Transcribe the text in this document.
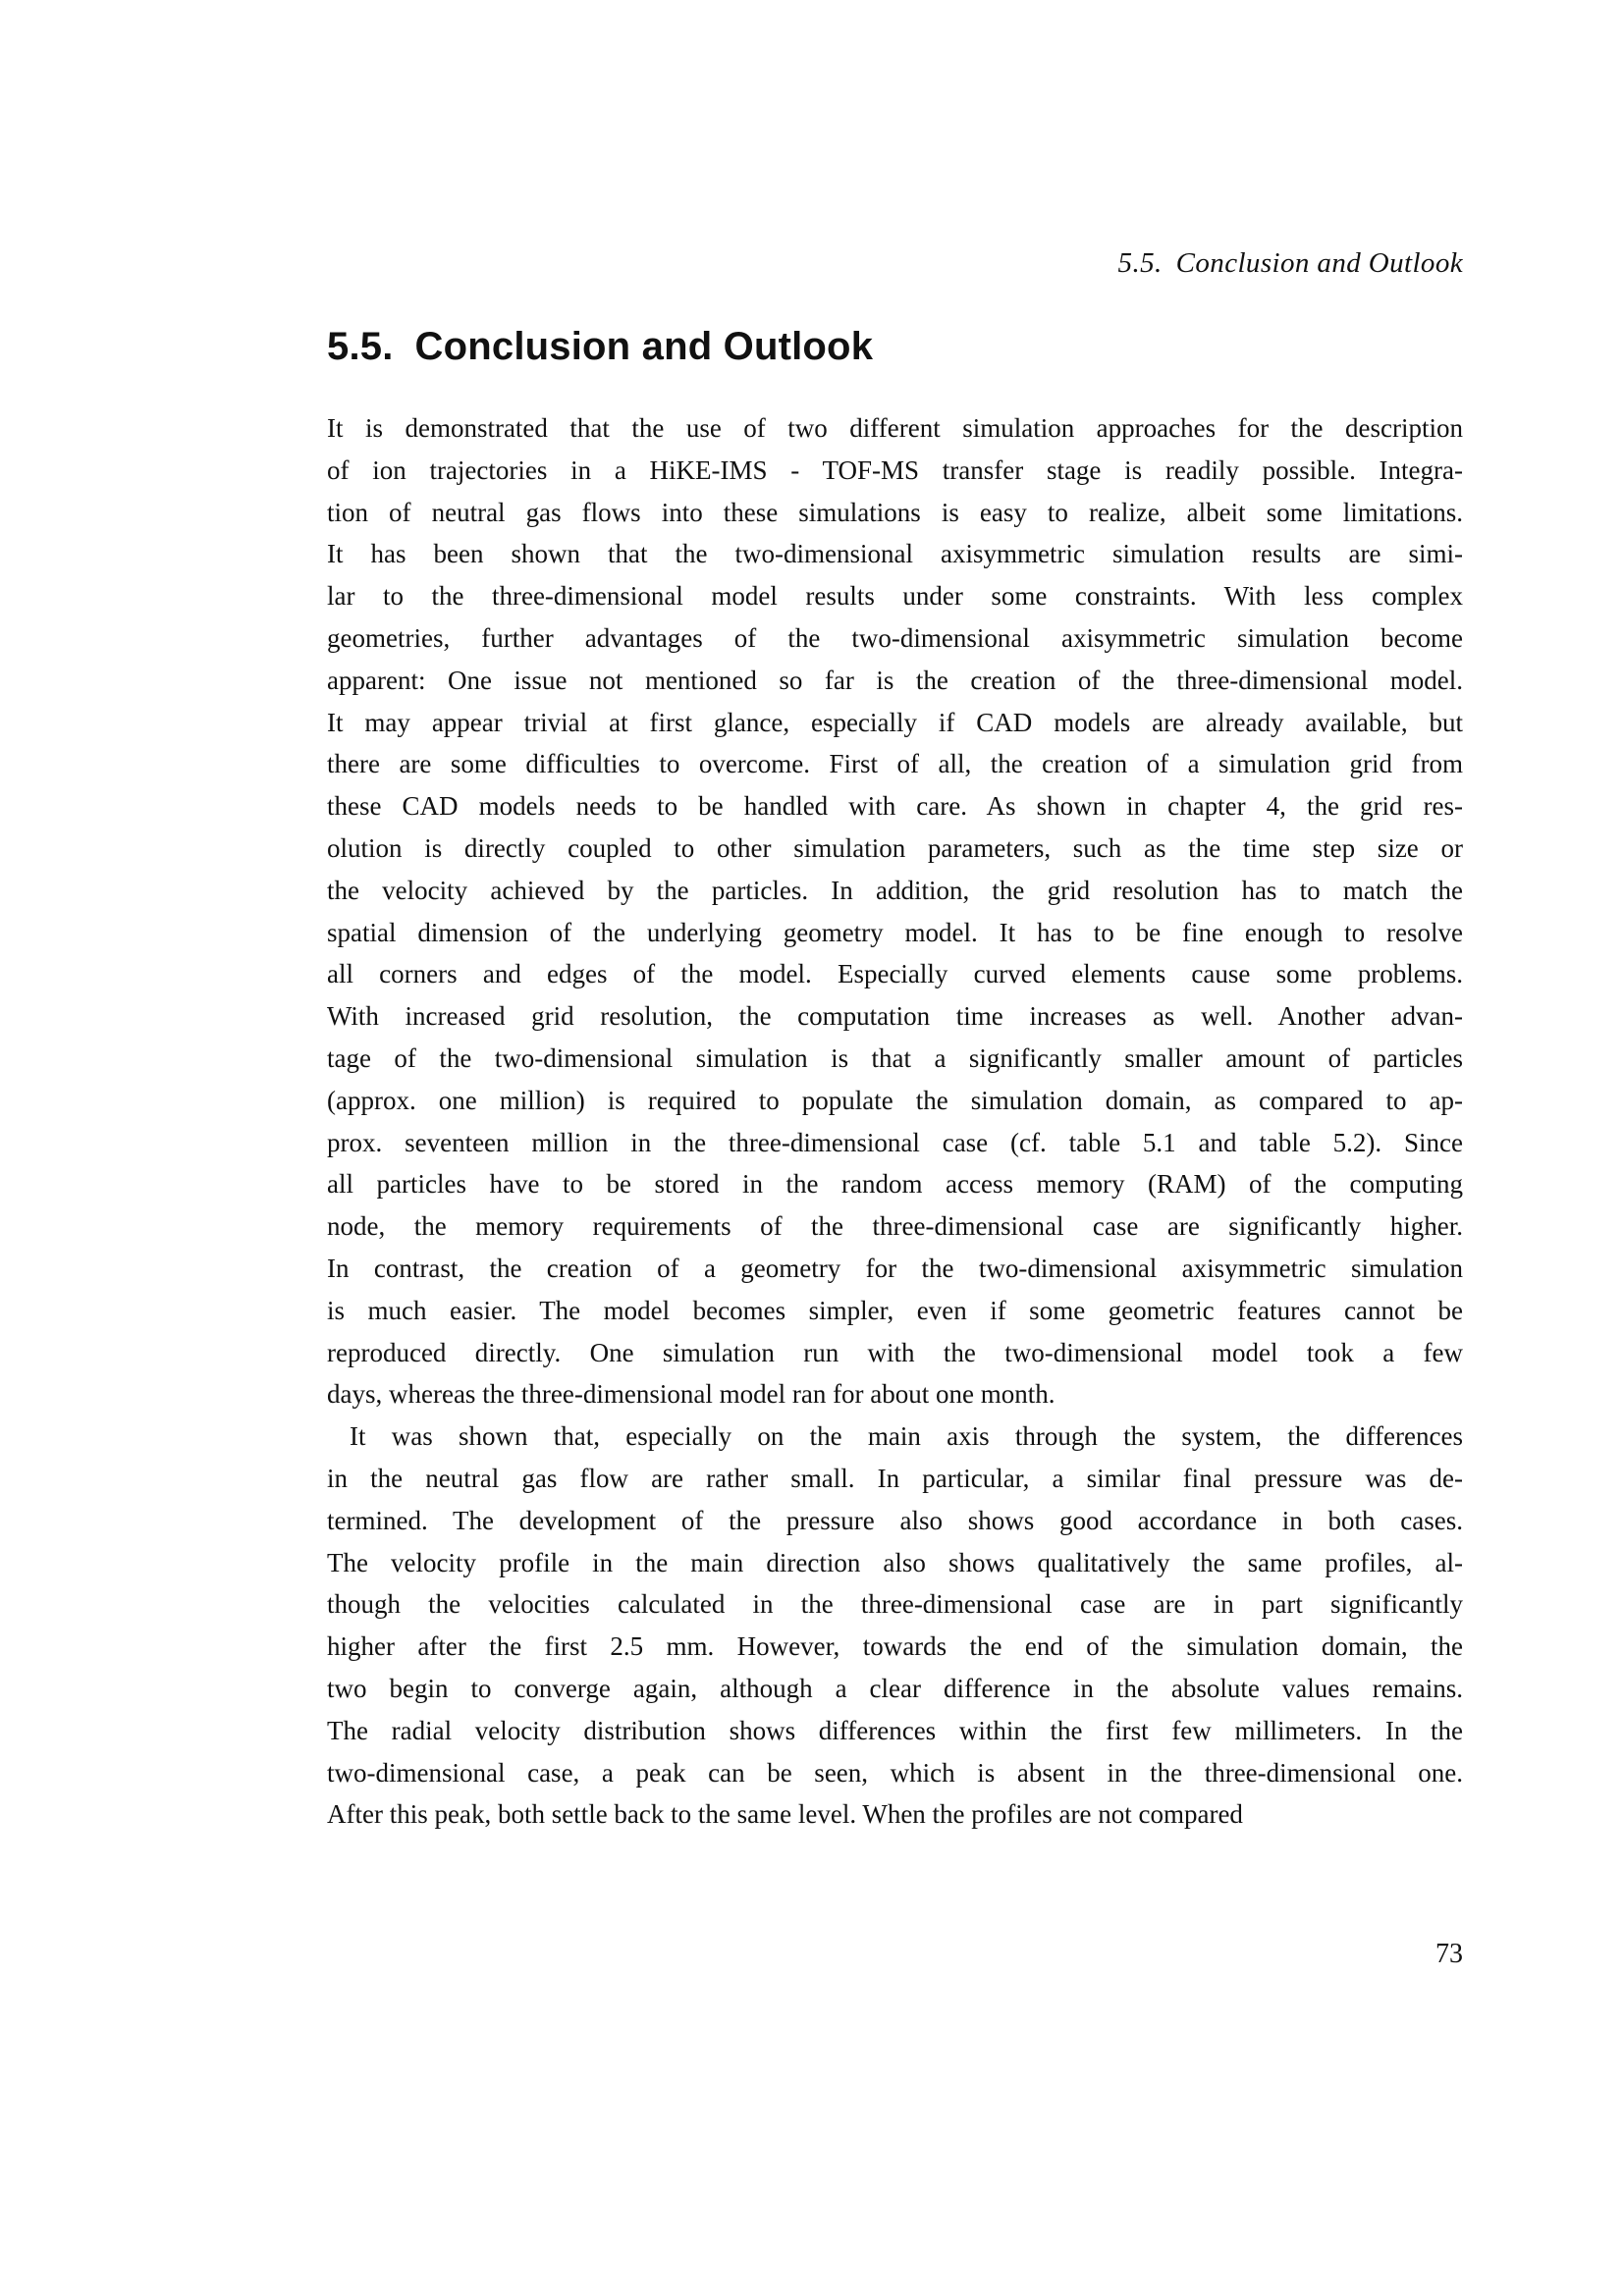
5.5. Conclusion and Outlook
5.5. Conclusion and Outlook
It is demonstrated that the use of two different simulation approaches for the description
of ion trajectories in a HiKE-IMS - TOF-MS transfer stage is readily possible. Integra-
tion of neutral gas flows into these simulations is easy to realize, albeit some limitations.
It has been shown that the two-dimensional axisymmetric simulation results are simi-
lar to the three-dimensional model results under some constraints. With less complex
geometries, further advantages of the two-dimensional axisymmetric simulation become
apparent: One issue not mentioned so far is the creation of the three-dimensional model.
It may appear trivial at first glance, especially if CAD models are already available, but
there are some difficulties to overcome. First of all, the creation of a simulation grid from
these CAD models needs to be handled with care. As shown in chapter 4, the grid res-
olution is directly coupled to other simulation parameters, such as the time step size or
the velocity achieved by the particles. In addition, the grid resolution has to match the
spatial dimension of the underlying geometry model. It has to be fine enough to resolve
all corners and edges of the model. Especially curved elements cause some problems.
With increased grid resolution, the computation time increases as well. Another advan-
tage of the two-dimensional simulation is that a significantly smaller amount of particles
(approx. one million) is required to populate the simulation domain, as compared to ap-
prox. seventeen million in the three-dimensional case (cf. table 5.1 and table 5.2). Since
all particles have to be stored in the random access memory (RAM) of the computing
node, the memory requirements of the three-dimensional case are significantly higher.
In contrast, the creation of a geometry for the two-dimensional axisymmetric simulation
is much easier. The model becomes simpler, even if some geometric features cannot be
reproduced directly. One simulation run with the two-dimensional model took a few
days, whereas the three-dimensional model ran for about one month.
It was shown that, especially on the main axis through the system, the differences
in the neutral gas flow are rather small. In particular, a similar final pressure was de-
termined. The development of the pressure also shows good accordance in both cases.
The velocity profile in the main direction also shows qualitatively the same profiles, al-
though the velocities calculated in the three-dimensional case are in part significantly
higher after the first 2.5 mm. However, towards the end of the simulation domain, the
two begin to converge again, although a clear difference in the absolute values remains.
The radial velocity distribution shows differences within the first few millimeters. In the
two-dimensional case, a peak can be seen, which is absent in the three-dimensional one.
After this peak, both settle back to the same level. When the profiles are not compared
73
